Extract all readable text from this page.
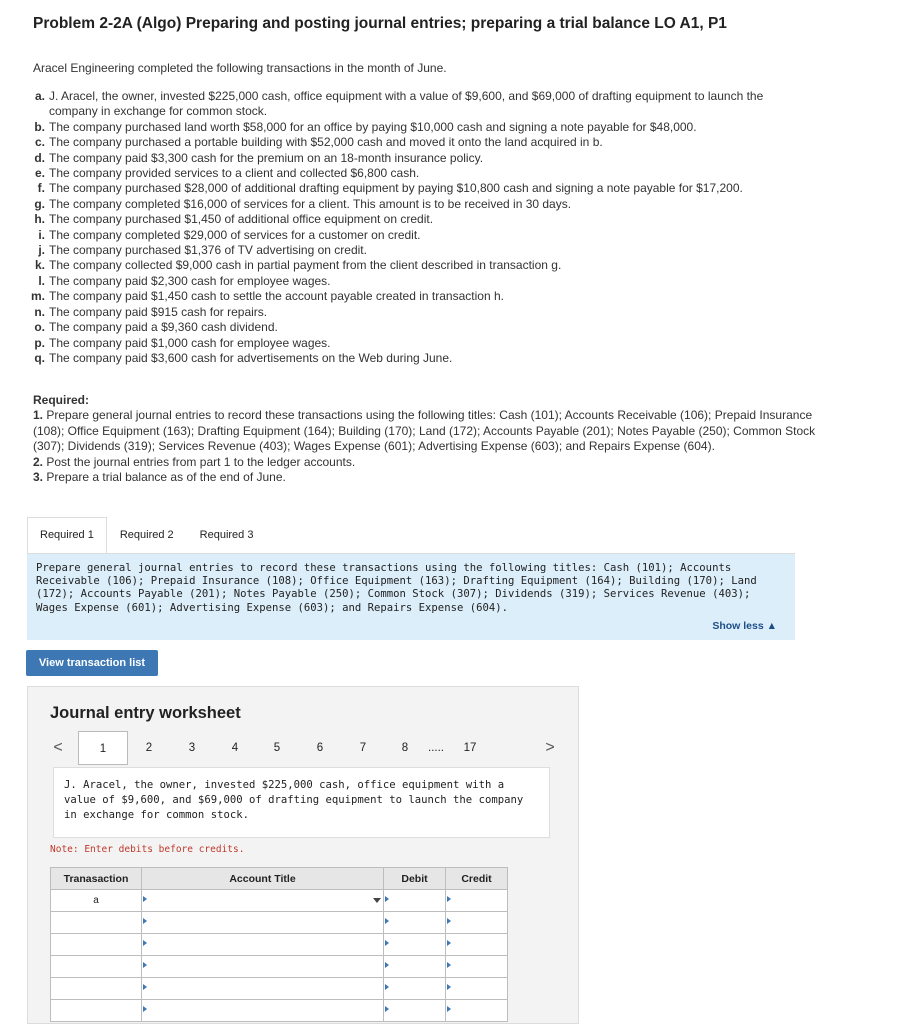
Problem 2-2A (Algo) Preparing and posting journal entries; preparing a trial balance LO A1, P1
Aracel Engineering completed the following transactions in the month of June.
a. J. Aracel, the owner, invested $225,000 cash, office equipment with a value of $9,600, and $69,000 of drafting equipment to launch the company in exchange for common stock.
b. The company purchased land worth $58,000 for an office by paying $10,000 cash and signing a note payable for $48,000.
c. The company purchased a portable building with $52,000 cash and moved it onto the land acquired in b.
d. The company paid $3,300 cash for the premium on an 18-month insurance policy.
e. The company provided services to a client and collected $6,800 cash.
f. The company purchased $28,000 of additional drafting equipment by paying $10,800 cash and signing a note payable for $17,200.
g. The company completed $16,000 of services for a client. This amount is to be received in 30 days.
h. The company purchased $1,450 of additional office equipment on credit.
i. The company completed $29,000 of services for a customer on credit.
j. The company purchased $1,376 of TV advertising on credit.
k. The company collected $9,000 cash in partial payment from the client described in transaction g.
l. The company paid $2,300 cash for employee wages.
m. The company paid $1,450 cash to settle the account payable created in transaction h.
n. The company paid $915 cash for repairs.
o. The company paid a $9,360 cash dividend.
p. The company paid $1,000 cash for employee wages.
q. The company paid $3,600 cash for advertisements on the Web during June.
Required:
1. Prepare general journal entries to record these transactions using the following titles: Cash (101); Accounts Receivable (106); Prepaid Insurance (108); Office Equipment (163); Drafting Equipment (164); Building (170); Land (172); Accounts Payable (201); Notes Payable (250); Common Stock (307); Dividends (319); Services Revenue (403); Wages Expense (601); Advertising Expense (603); and Repairs Expense (604).
2. Post the journal entries from part 1 to the ledger accounts.
3. Prepare a trial balance as of the end of June.
Required 1	Required 2	Required 3
Prepare general journal entries to record these transactions using the following titles: Cash (101); Accounts Receivable (106); Prepaid Insurance (108); Office Equipment (163); Drafting Equipment (164); Building (170); Land (172); Accounts Payable (201); Notes Payable (250); Common Stock (307); Dividends (319); Services Revenue (403); Wages Expense (601); Advertising Expense (603); and Repairs Expense (604).
Show less ▲
View transaction list
Journal entry worksheet
<	1	2	3	4	5	6	7	8	.....	17	>
J. Aracel, the owner, invested $225,000 cash, office equipment with a value of $9,600, and $69,000 of drafting equipment to launch the company in exchange for common stock.
Note: Enter debits before credits.
Tranasaction	Account Title	Debit	Credit
a	
